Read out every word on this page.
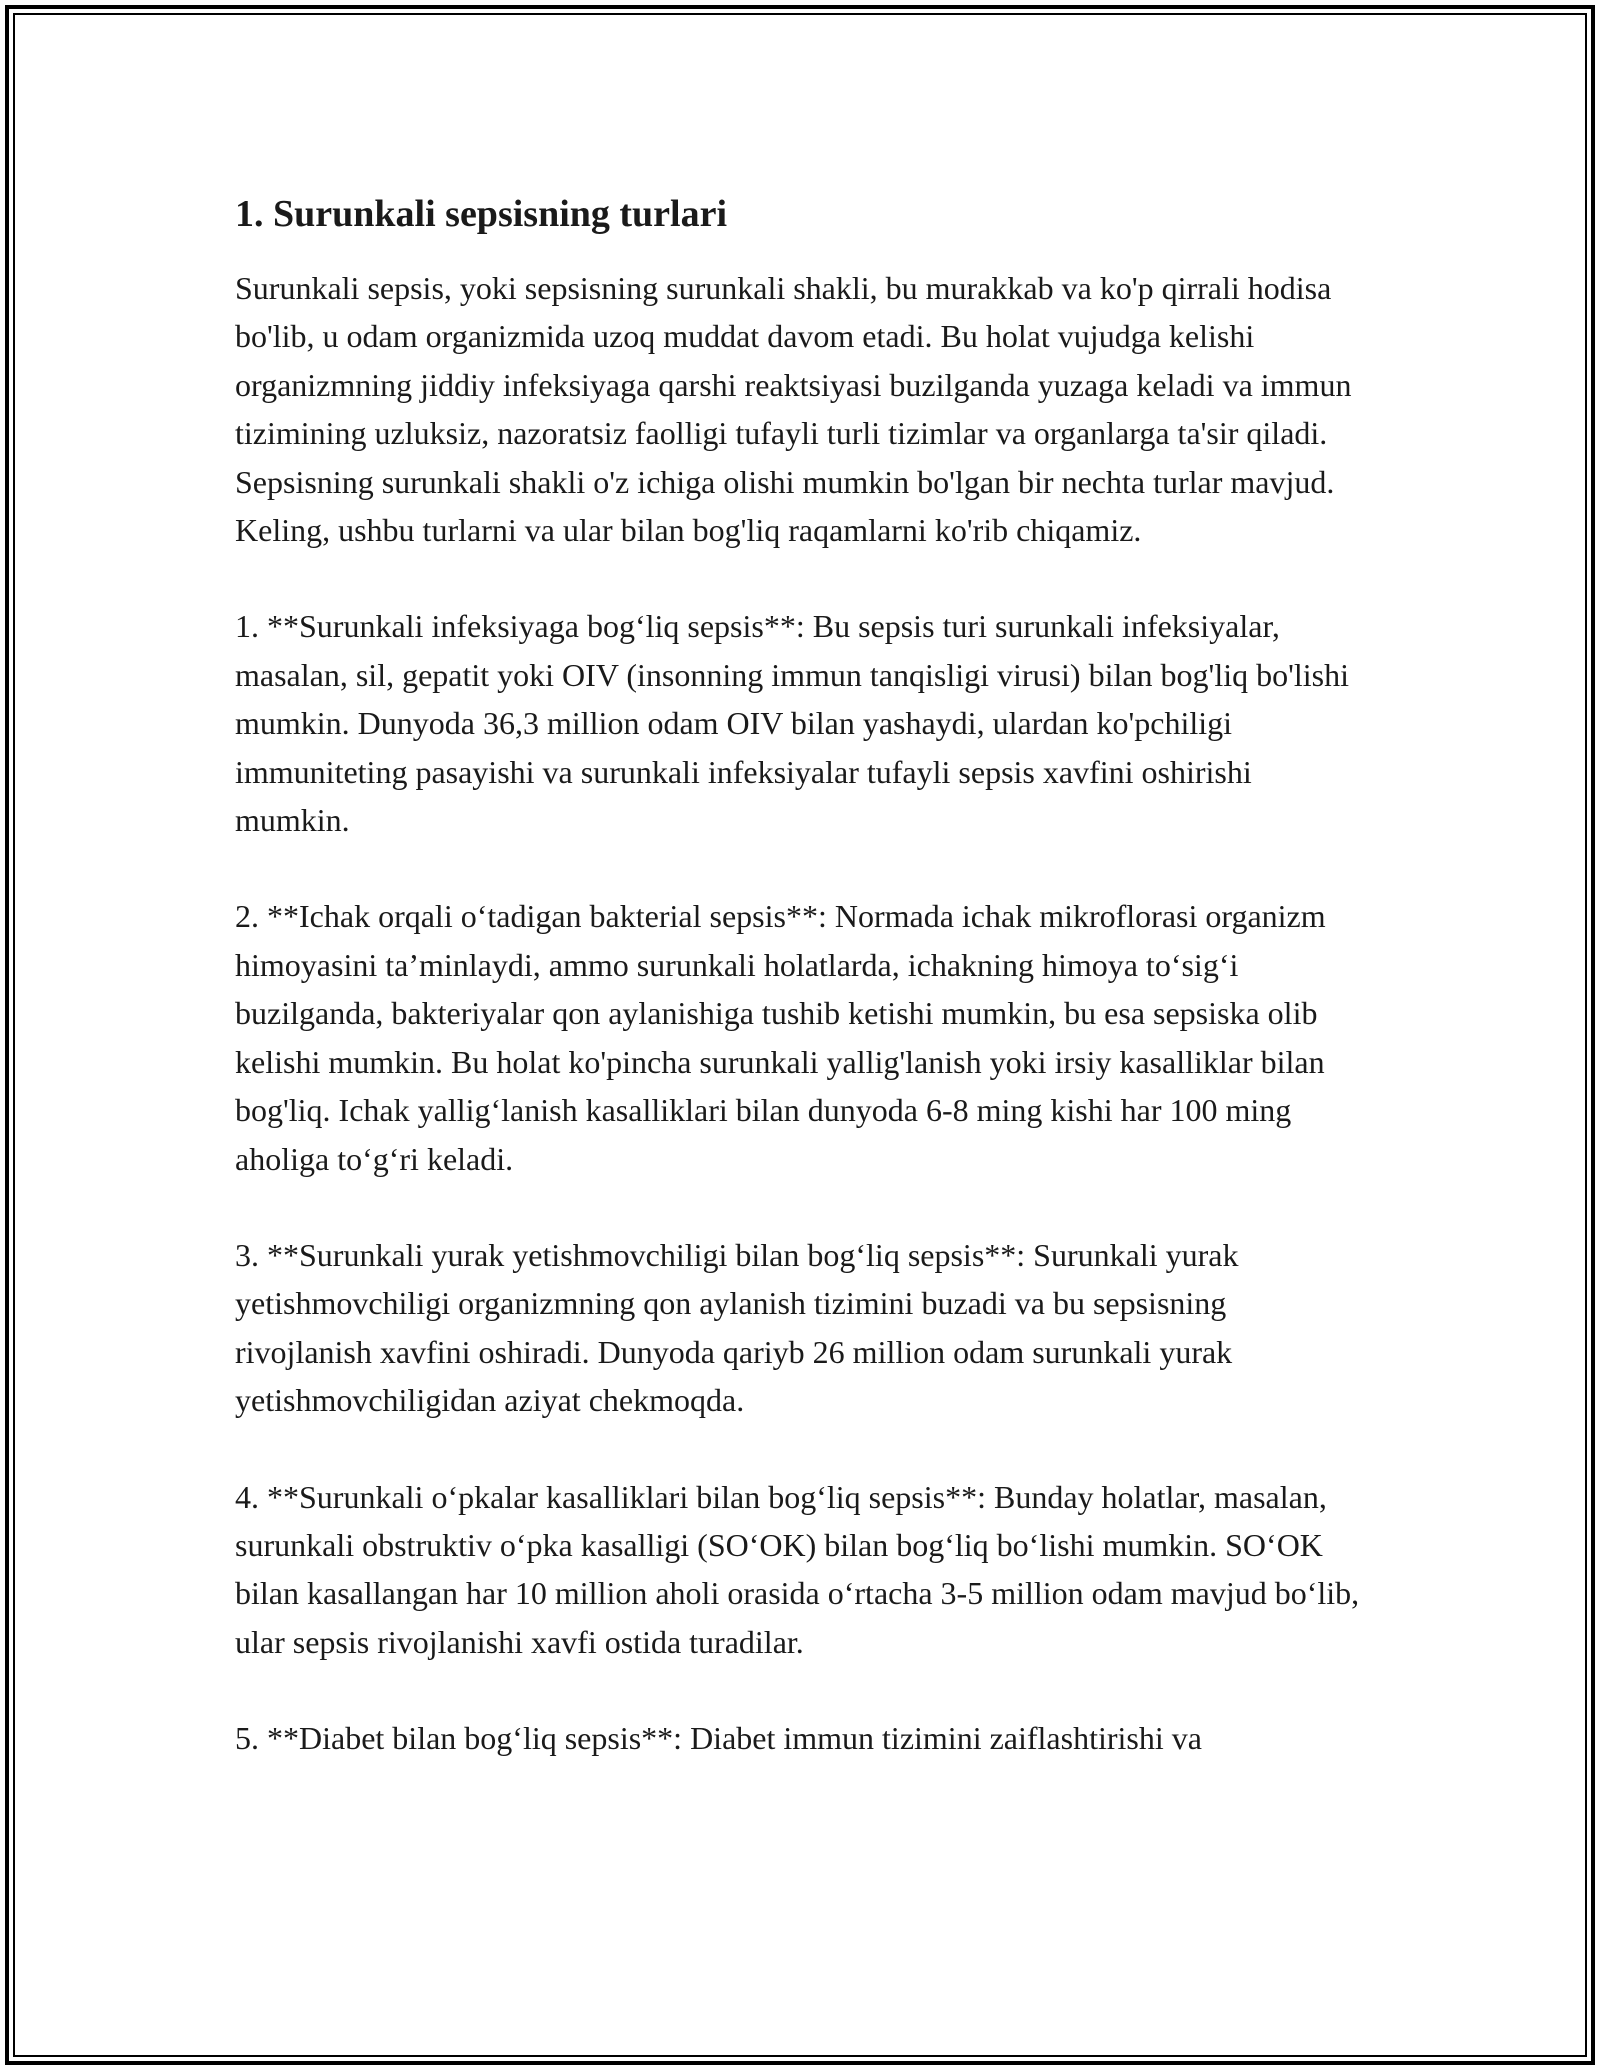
1. Surunkali sepsisning turlari

Surunkali sepsis, yoki sepsisning surunkali shakli, bu murakkab va ko'p qirrali hodisa bo'lib, u odam organizmida uzoq muddat davom etadi. Bu holat vujudga kelishi organizmning jiddiy infeksiyaga qarshi reaktsiyasi buzilganda yuzaga keladi va immun tizimining uzluksiz, nazoratsiz faolligi tufayli turli tizimlar va organlarga ta'sir qiladi. Sepsisning surunkali shakli o'z ichiga olishi mumkin bo'lgan bir nechta turlar mavjud. Keling, ushbu turlarni va ular bilan bog'liq raqamlarni ko'rib chiqamiz.

1. **Surunkali infeksiyaga bog‘liq sepsis**: Bu sepsis turi surunkali infeksiyalar, masalan, sil, gepatit yoki OIV (insonning immun tanqisligi virusi) bilan bog'liq bo'lishi mumkin. Dunyoda 36,3 million odam OIV bilan yashaydi, ulardan ko'pchiligi immuniteting pasayishi va surunkali infeksiyalar tufayli sepsis xavfini oshirishi mumkin.

2. **Ichak orqali o‘tadigan bakterial sepsis**: Normada ichak mikroflorasi organizm himoyasini ta’minlaydi, ammo surunkali holatlarda, ichakning himoya to‘sig‘i buzilganda, bakteriyalar qon aylanishiga tushib ketishi mumkin, bu esa sepsiska olib kelishi mumkin. Bu holat ko'pincha surunkali yallig'lanish yoki irsiy kasalliklar bilan bog'liq. Ichak yallig‘lanish kasalliklari bilan dunyoda 6-8 ming kishi har 100 ming aholiga to‘g‘ri keladi.

3. **Surunkali yurak yetishmovchiligi bilan bog‘liq sepsis**: Surunkali yurak yetishmovchiligi organizmning qon aylanish tizimini buzadi va bu sepsisning rivojlanish xavfini oshiradi. Dunyoda qariyb 26 million odam surunkali yurak yetishmovchiligidan aziyat chekmoqda.

4. **Surunkali o‘pkalar kasalliklari bilan bog‘liq sepsis**: Bunday holatlar, masalan, surunkali obstruktiv o‘pka kasalligi (SO‘OK) bilan bog‘liq bo‘lishi mumkin. SO‘OK bilan kasallangan har 10 million aholi orasida o‘rtacha 3-5 million odam mavjud bo‘lib, ular sepsis rivojlanishi xavfi ostida turadilar.

5. **Diabet bilan bog‘liq sepsis**: Diabet immun tizimini zaiflashtirishi va
